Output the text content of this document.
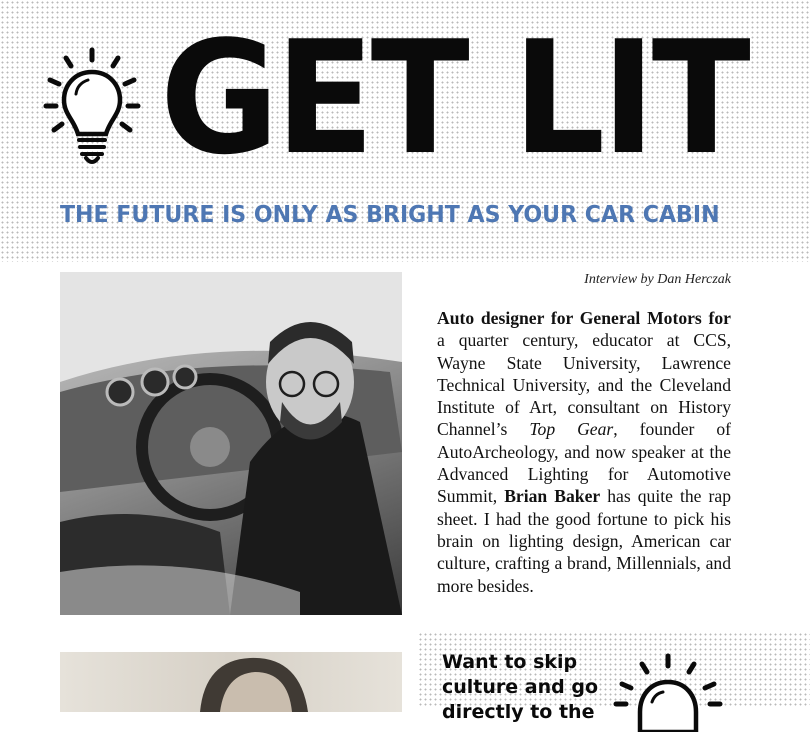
GET LIT
THE FUTURE IS ONLY AS BRIGHT AS YOUR CAR CABIN

Interview by Dan Herczak

Auto designer for General Motors for a quarter century, educator at CCS, Wayne State University, Lawrence Technical University, and the Cleveland Institute of Art, consultant on History Channel’s Top Gear, founder of AutoArcheology, and now speaker at the Advanced Lighting for Automotive Summit, Brian Baker has quite the rap sheet. I had the good fortune to pick his brain on lighting design, American car culture, crafting a brand, Millennials, and more besides.

Want to skip culture and go directly to the
